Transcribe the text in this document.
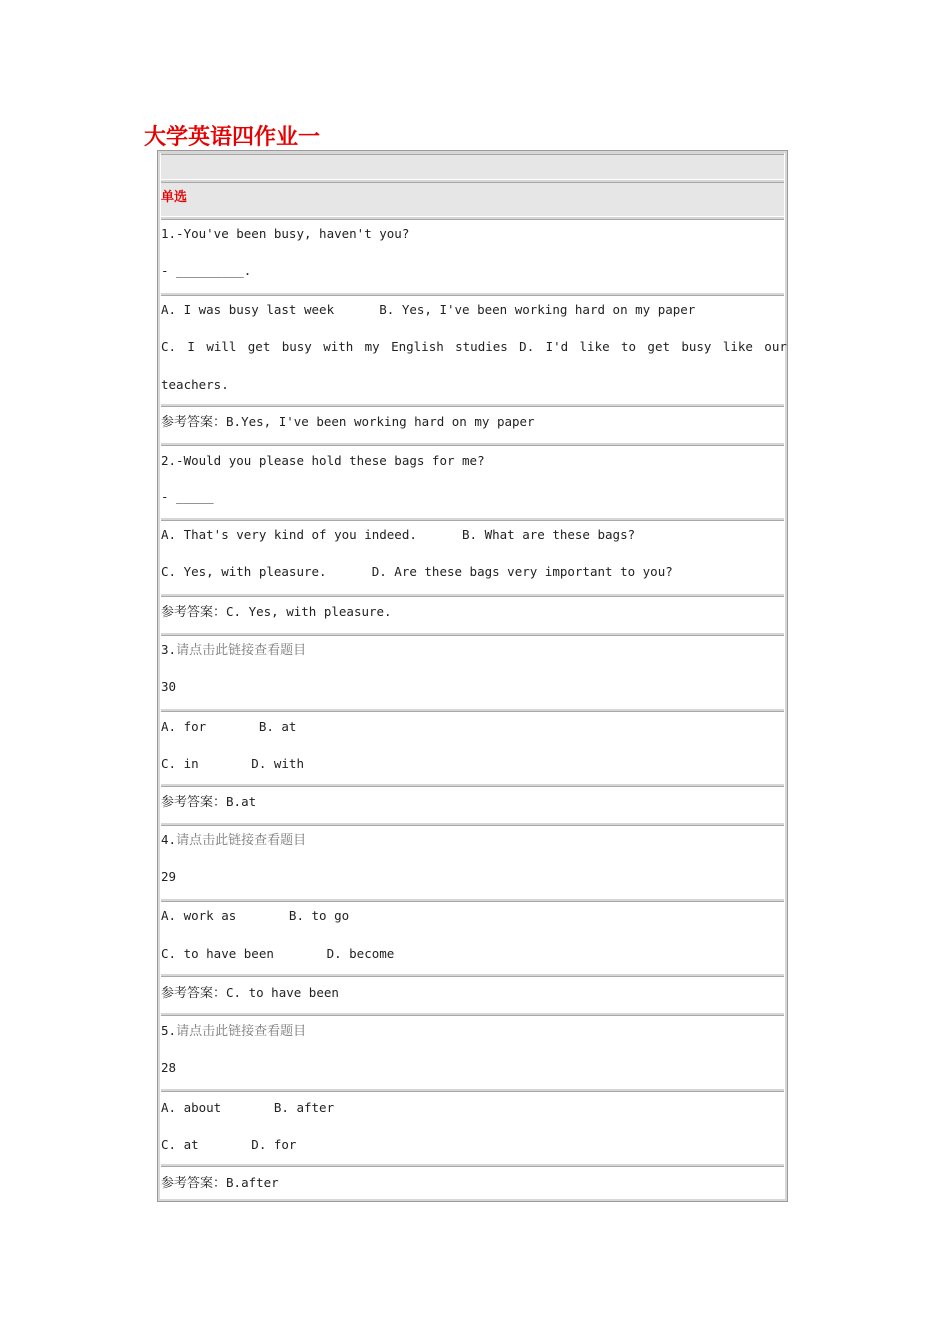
大学英语四作业一
单选
1.-You've been busy, haven't you?
- _________.
A. I was busy last week      B. Yes, I've been working hard on my paper
C. I will get busy with my English studies D. I'd like to get busy like our
teachers.
参考答案：B.Yes, I've been working hard on my paper
2.-Would you please hold these bags for me?
- _____
A. That's very kind of you indeed.      B. What are these bags?
C. Yes, with pleasure.      D. Are these bags very important to you?
参考答案：C. Yes, with pleasure.
3.请点击此链接查看题目
30
A. for       B. at
C. in       D. with
参考答案：B.at
4.请点击此链接查看题目
29
A. work as       B. to go
C. to have been       D. become
参考答案：C. to have been
5.请点击此链接查看题目
28
A. about       B. after
C. at       D. for
参考答案：B.after
